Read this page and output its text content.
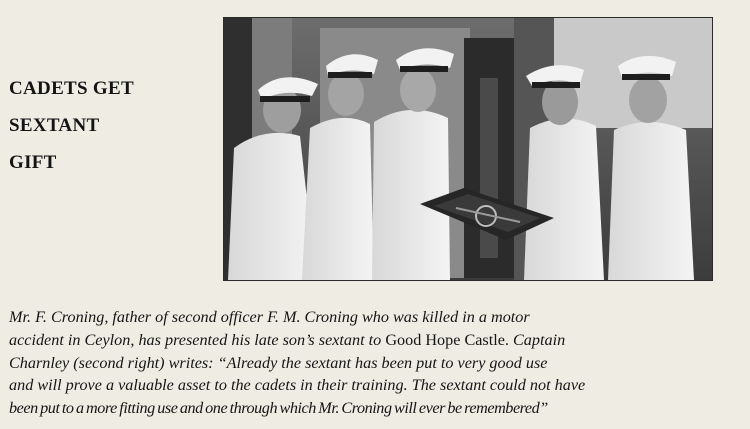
CADETS GET
SEXTANT
GIFT
Mr. F. Croning, father of second officer F. M. Croning who was killed in a motor
accident in Ceylon, has presented his late son’s sextant to Good Hope Castle. Captain
Charnley (second right) writes: “Already the sextant has been put to very good use
and will prove a valuable asset to the cadets in their training. The sextant could not have
been put to a more fitting use and one through which Mr. Croning will ever be remembered”
